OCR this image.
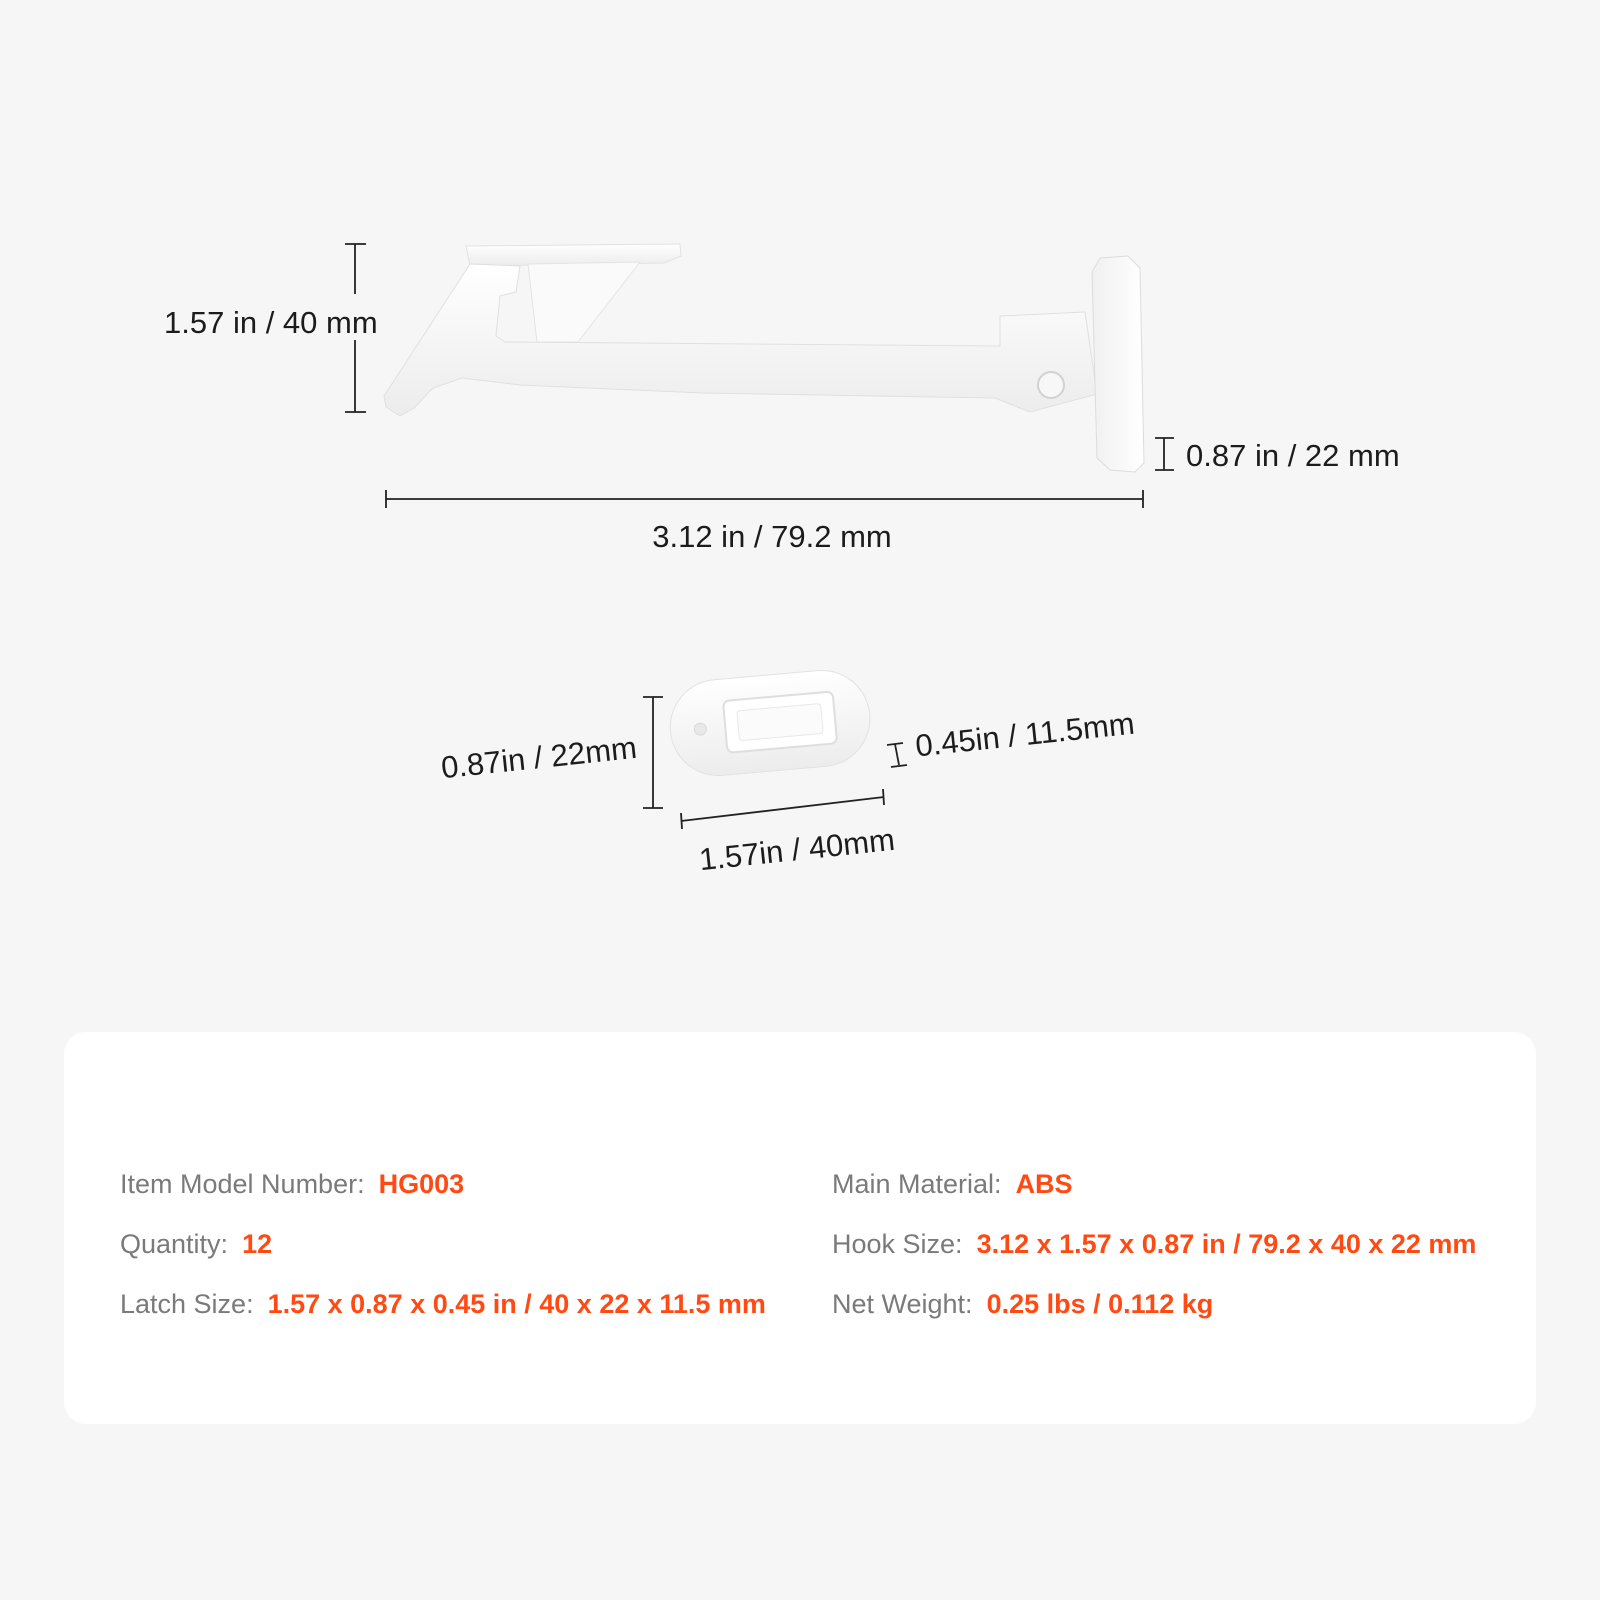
1.57 in / 40 mm
3.12 in / 79.2 mm
0.87 in / 22 mm
0.87in / 22mm
1.57in / 40mm
0.45in / 11.5mm
Item Model Number: HG003
Quantity: 12
Latch Size: 1.57 x 0.87 x 0.45 in / 40 x 22 x 11.5 mm
Main Material: ABS
Hook Size: 3.12 x 1.57 x 0.87 in / 79.2 x 40 x 22 mm
Net Weight: 0.25 lbs / 0.112 kg
